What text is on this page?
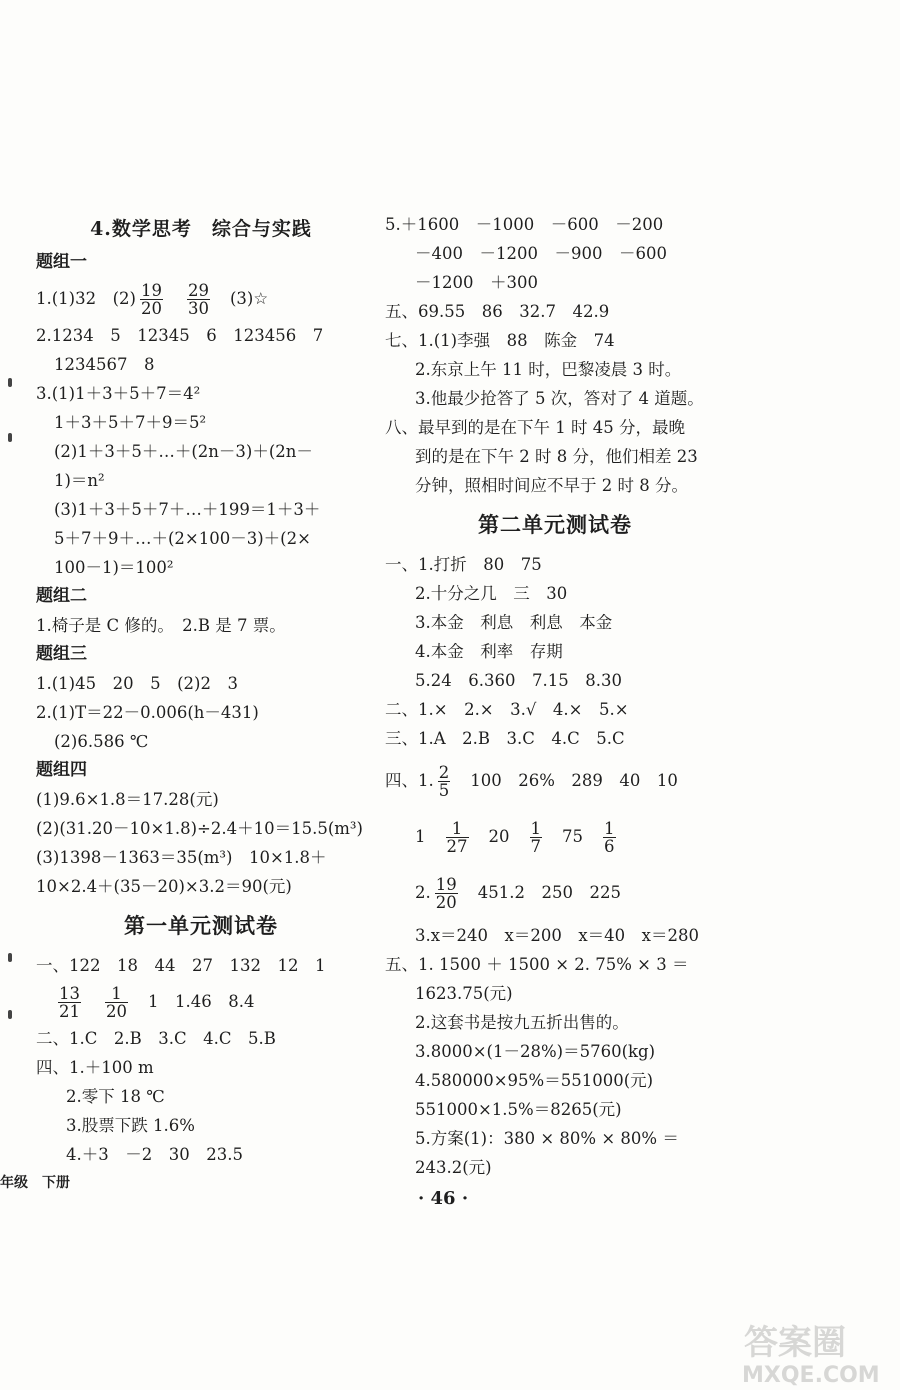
4.数学思考　综合与实践
题组一
1.(1)32　$(2) \frac{19}{20} \frac{29}{30}$ (3)☆
2.1234　5　12345　6　123456　7
1234567　8
3.(1)1＋3＋5＋7＝4²
1＋3＋5＋7＋9＝5²
(2)1＋3＋5＋…＋(2n－3)＋(2n－
1)＝n²
(3)1＋3＋5＋7＋…＋199＝1＋3＋
5＋7＋9＋…＋(2×100－3)＋(2×
100－1)＝100²
题组二
1.椅子是 C 修的。　2.B 是 7 票。
题组三
1.(1)45　20　5　(2)2　3
2.(1)T＝22－0.006(h－431)
(2)6.586 ℃
题组四
(1)9.6×1.8＝17.28(元)
(2)(31.20－10×1.8)÷2.4＋10＝15.5(m³)
(3)1398－1363＝35(m³)　10×1.8＋
10×2.4＋(35－20)×3.2＝90(元)
第一单元测试卷
一、122　18　44　27　132　12　1
$\frac{13}{21} \frac{1}{20} 1$　1.46　8.4
二、1.C　2.B　3.C　4.C　5.B
四、1.＋100 m
2.零下 18 ℃
3.股票下跌 1.6%
4.＋3　－2　30　23.5
5.＋1600　－1000　－600　－200
－400　－1200　－900　－600
－1200　＋300
五、69.55　86　32.7　42.9
七、1.(1)李强　88　陈金　74
2.东京上午 11 时，巴黎凌晨 3 时。
3.他最少抢答了 5 次，答对了 4 道题。
八、最早到的是在下午 1 时 45 分，最晚
到的是在下午 2 时 8 分，他们相差 23
分钟，照相时间应不早于 2 时 8 分。
第二单元测试卷
一、1.打折　80　75
2.十分之几　三　30
3.本金　利息　利息　本金
4.本金　利率　存期
5.24　6.360　7.15　8.30
二、1.×　2.×　3.√　4.×　5.×
三、1.A　2.B　3.C　4.C　5.C
四、1. $\frac{2}{5} 100$　26%　289　40　10
$1 \frac{1}{27} 20 \frac{1}{7} 75 \frac{1}{6}$
2. $\frac{19}{20} 451.2$　250　225
3.x＝240　x＝200　x＝40　x＝280
五、1. 1500 ＋ 1500 × 2. 75% × 3 ＝
1623.75(元)
2.这套书是按九五折出售的。
3.8000×(1－28%)＝5760(kg)
4.580000×95%＝551000(元)
551000×1.5%＝8265(元)
5.方案(1)：380 × 80% × 80% ＝
243.2(元)
年级　下册
· 46 ·
答案圈
MXQE.COM
